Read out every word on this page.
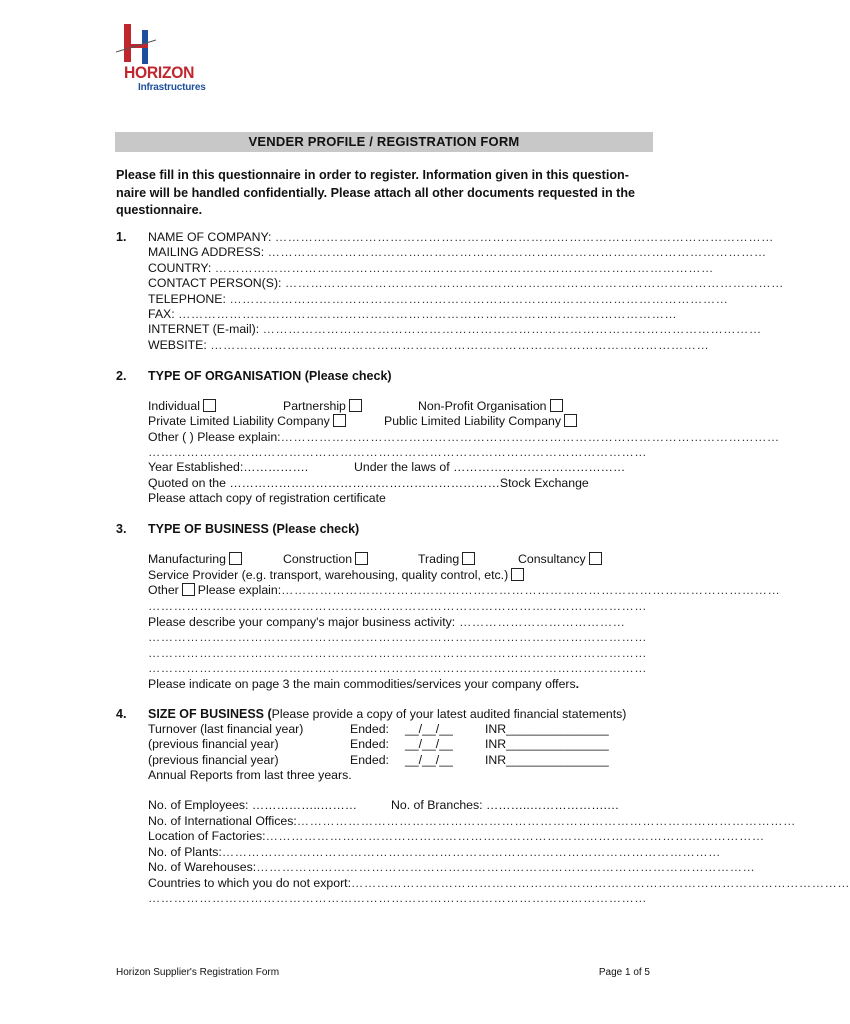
HORIZON
Infrastructures
VENDER PROFILE / REGISTRATION FORM
Please fill in this questionnaire in order to register. Information given in this question-naire will be handled confidentially. Please attach all other documents requested in the questionnaire.
1. NAME OF COMPANY: ………………………………………………………………………………………………………
MAILING ADDRESS: ………………………………………………………………………………………………………
COUNTRY: ………………………………………………………………………………………………………
CONTACT PERSON(S): ………………………………………………………………………………………………………
TELEPHONE: ………………………………………………………………………………………………………
FAX: ………………………………………………………………………………………………………
INTERNET (E-mail): ………………………………………………………………………………………………………
WEBSITE: ………………………………………………………………………………………………………
2. TYPE OF ORGANISATION (Please check)
Individual	Partnership	Non-Profit Organisation
Private Limited Liability Company	Public Limited Liability Company
Other ( ) Please explain:………………………………………………………………………………………………………
………………………………………………………………………………………………………
Year Established:…………….	Under the laws of ……………………………………
Quoted on the …………………………………………………………Stock Exchange
Please attach copy of registration certificate
3. TYPE OF BUSINESS (Please check)
Manufacturing	Construction	Trading	Consultancy
Service Provider (e.g. transport, warehousing, quality control, etc.)
Other Please explain:………………………………………………………………………………………………………
………………………………………………………………………………………………………
Please describe your company's major business activity: …………………………………
………………………………………………………………………………………………………
………………………………………………………………………………………………………
………………………………………………………………………………………………………
Please indicate on page 3 the main commodities/services your company offers.
4. SIZE OF BUSINESS (Please provide a copy of your latest audited financial statements)
Turnover (last financial year)	Ended: __/__/__	INR_______________
(previous financial year)	Ended: __/__/__	INR_______________
(previous financial year)	Ended: __/__/__	INR_______________
Annual Reports from last three years.
No. of Employees: ……………..………	No. of Branches: ………..……………….…
No. of International Offices:………………………………………………………………………………………………………
Location of Factories:………………………………………………………………………………………………………
No. of Plants:………………………………………………………………………………………………………
No. of Warehouses:………………………………………………………………………………………………………
Countries to which you do not export:………………………………………………………………………………………………………
………………………………………………………………………………………………………
Horizon Supplier's Registration Form	Page 1 of 5
